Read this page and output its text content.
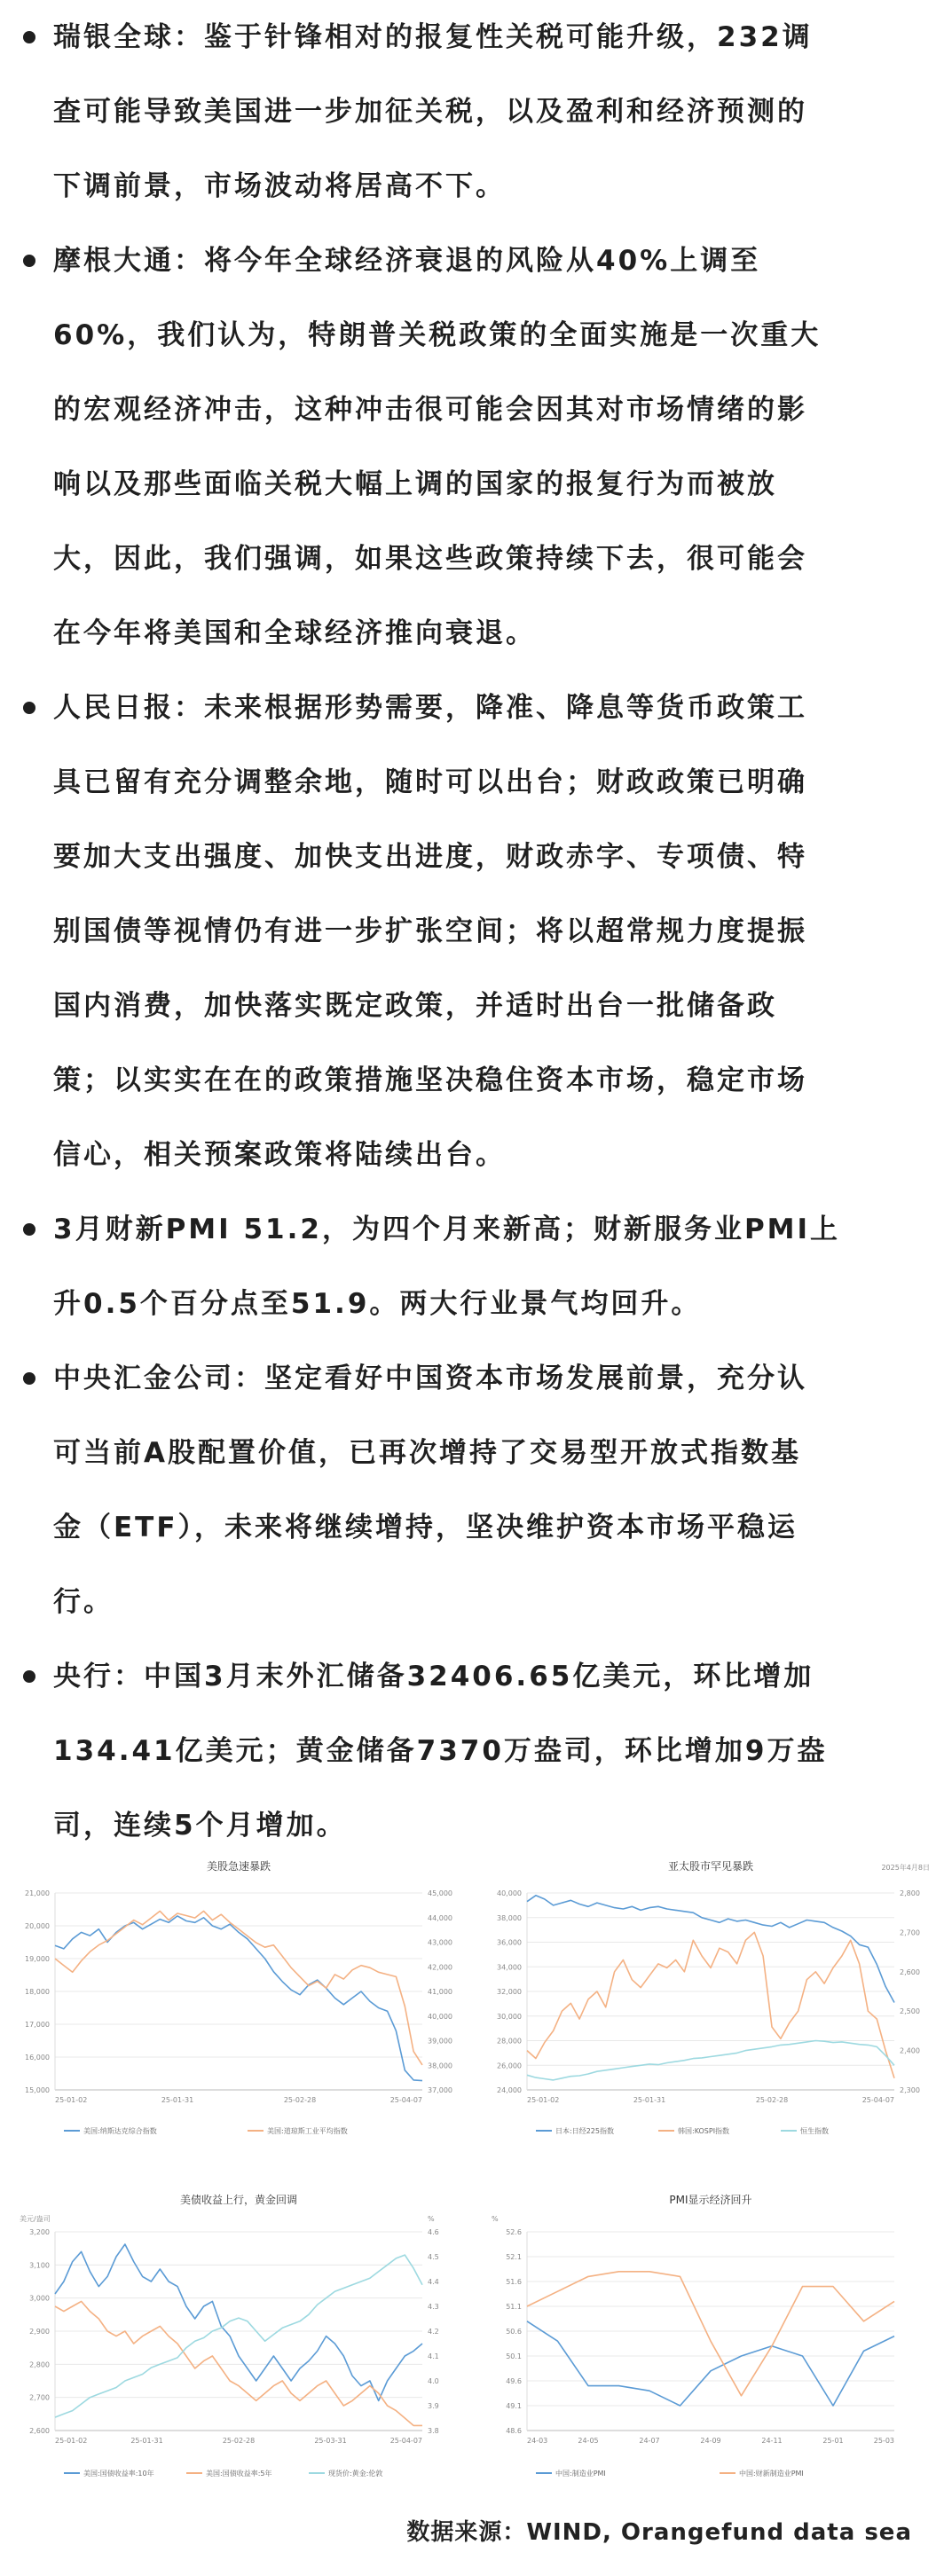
瑞银全球：鉴于针锋相对的报复性关税可能升级，232调
查可能导致美国进一步加征关税，以及盈利和经济预测的
下调前景，市场波动将居高不下。
摩根大通：将今年全球经济衰退的风险从40%上调至
60%，我们认为，特朗普关税政策的全面实施是一次重大
的宏观经济冲击，这种冲击很可能会因其对市场情绪的影
响以及那些面临关税大幅上调的国家的报复行为而被放
大，因此，我们强调，如果这些政策持续下去，很可能会
在今年将美国和全球经济推向衰退。
人民日报：未来根据形势需要，降准、降息等货币政策工
具已留有充分调整余地，随时可以出台；财政政策已明确
要加大支出强度、加快支出进度，财政赤字、专项债、特
别国债等视情仍有进一步扩张空间；将以超常规力度提振
国内消费，加快落实既定政策，并适时出台一批储备政
策；以实实在在的政策措施坚决稳住资本市场，稳定市场
信心，相关预案政策将陆续出台。
3月财新PMI 51.2，为四个月来新高；财新服务业PMI上
升0.5个百分点至51.9。两大行业景气均回升。
中央汇金公司：坚定看好中国资本市场发展前景，充分认
可当前A股配置价值，已再次增持了交易型开放式指数基
金（ETF），未来将继续增持，坚决维护资本市场平稳运
行。
央行：中国3月末外汇储备32406.65亿美元，环比增加
134.41亿美元；黄金储备7370万盎司，环比增加9万盎
司，连续5个月增加。
美股急速暴跌
15,000
16,000
17,000
18,000
19,000
20,000
21,000
37,000
38,000
39,000
40,000
41,000
42,000
43,000
44,000
45,000
25-01-02	25-01-31	25-02-28	25-04-07
美国:纳斯达克综合指数	美国:道琼斯工业平均指数
亚太股市罕见暴跌	2025年4月8日
24,000
26,000
28,000
30,000
32,000
34,000
36,000
38,000
40,000
2,300
2,400
2,500
2,600
2,700
2,800
25-01-02	25-01-31	25-02-28	25-04-07
日本:日经225指数	韩国:KOSPI指数	恒生指数
美债收益上行，黄金回调
美元/盎司	%
2,600
2,700
2,800
2,900
3,000
3,100
3,200
3.8
3.9
4.0
4.1
4.2
4.3
4.4
4.5
4.6
25-01-02	25-01-31	25-02-28	25-03-31	25-04-07
美国:国债收益率:10年	美国:国债收益率:5年	现货价:黄金:伦敦
PMI显示经济回升
%
48.6
49.1
49.6
50.1
50.6
51.1
51.6
52.1
52.6
24-03	24-05	24-07	24-09	24-11	25-01	25-03
中国:制造业PMI	中国:财新制造业PMI
数据来源：WIND, Orangefund data sea
